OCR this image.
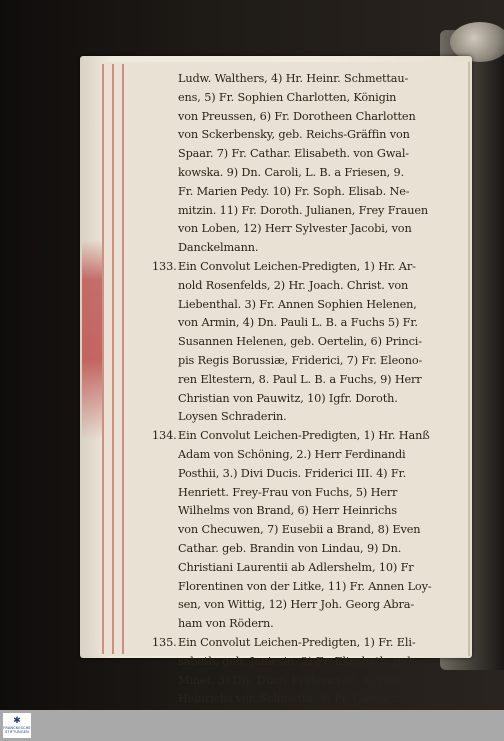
Ludw. Walthers, 4) Hr. Heinr. Schmettau-
ens, 5) Fr. Sophien Charlotten, Königin
von Preussen, 6) Fr. Dorotheen Charlotten
von Sckerbensky, geb. Reichs-Gräffin von
Spaar. 7) Fr. Cathar. Elisabeth. von Gwal-
kowska. 9) Dn. Caroli, L. B. a Friesen, 9.
Fr. Marien Pedy. 10) Fr. Soph. Elisab. Ne-
mitzin. 11) Fr. Doroth. Julianen, Frey Frauen
von Loben, 12) Herr Sylvester Jacobi, von
Danckelmann.
133.Ein Convolut Leichen-Predigten, 1) Hr. Ar-
nold Rosenfelds, 2) Hr. Joach. Christ. von
Liebenthal. 3) Fr. Annen Sophien Helenen,
von Armin, 4) Dn. Pauli L. B. a Fuchs 5) Fr.
Susannen Helenen, geb. Oertelin, 6) Princi-
pis Regis Borussiæ, Friderici, 7) Fr. Eleono-
ren Eltestern, 8. Paul L. B. a Fuchs, 9) Herr
Christian von Pauwitz, 10) Igfr. Doroth.
Loysen Schraderin.
134.Ein Convolut Leichen-Predigten, 1) Hr. Hanß
Adam von Schöning, 2.) Herr Ferdinandi
Posthii, 3.) Divi Ducis. Friderici III. 4) Fr.
Henriett. Frey-Frau von Fuchs, 5) Herr
Wilhelms von Brand, 6) Herr Heinrichs
von Checuwen, 7) Eusebii a Brand, 8) Even
Cathar. geb. Brandin von Lindau, 9) Dn.
Christiani Laurentii ab Adlershelm, 10) Fr
Florentinen von der Litke, 11) Fr. Annen Loy-
sen, von Wittig, 12) Herr Joh. Georg Abra-
ham von Rödern.
135.Ein Convolut Leichen-Predigten, 1) Fr. Eli-
sabeth, geb. Janiesin, 2) Fr. Elisabeth, geb.
Minet. 3) Div. Ducis Friderici III. 4) Hrn.
Heinrichs von Schmetta, 5) Fr. Catharinen
✱
FRANCKESCHE
STIFTUNGEN
